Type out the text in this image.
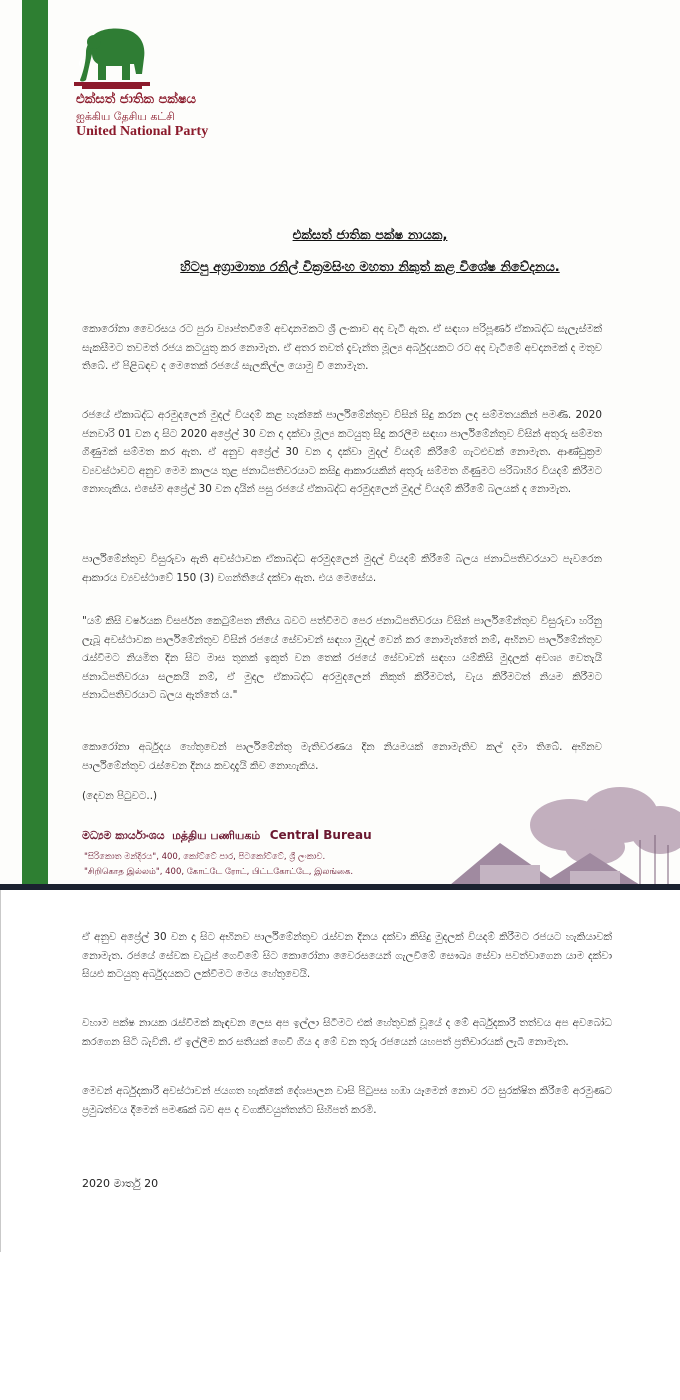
එක්සත් ජාතික පක්ෂය
ஐக்கிய தேசிய கட்சி
United National Party
එක්සත් ජාතික පක්ෂ නායක,
හිටපු අග්‍රාමාත්‍ය රනිල් වික්‍රමසිංහ මහතා නිකුත් කළ විශේෂ නිවේදනය.

කොරෝනා වෛරසය රට පුරා ව්‍යාප්තවීමේ අවදානමකට ශ්‍රී ලංකාව අද වැටී ඇත. ඒ සඳහා පරිපූර්ණ ඒකාබද්ධ සැලැස්මක් සැකසීමට තවමත් රජය කටයුතු කර නොමැත. ඒ අතර තවත් දැවැන්ත මූල්‍ය අර්බුදයකට රට අද වැටීමේ අවදානමක් ද මතුව තිබේ. ඒ පිළිබඳව ද මෙතෙක් රජයේ සැලකිල්ල යොමු වී නොමැත.

රජයේ ඒකාබද්ධ අරමුදලෙන් මුදල් වියදම් කළ හැක්කේ පාර්ලිමේන්තුව විසින් සිදු කරන ලද සම්මතයකින් පමණි. 2020 ජනවාරි 01 වන දා සිට 2020 අප්‍රේල් 30 වන දා දක්වා මූල්‍ය කටයුතු සිදු කරලීම සඳහා පාර්ලිමේන්තුව විසින් අතුරු සම්මත ගිණුමක් සම්මත කර ඇත. ඒ අනුව අප්‍රේල් 30 වන දා දක්වා මුදල් වියදම් කිරීමේ ගැටළුවක් නොමැත. ආණ්ඩුක්‍රම ව්‍යවස්ථාවට අනුව මෙම කාලය තුළ ජනාධිපතිවරයාට කසිදු ආකාරයකින් අතුරු සම්මත ගිණුමට පරිබාහිර වියදම් කිරීමට නොහැකිය. එසේම අප්‍රේල් 30 වන දායින් පසු රජයේ ඒකාබද්ධ අරමුදලෙන් මුදල් වියදම් කිරීමේ බලයක් ද නොමැත.

පාර්ලිමේන්තුව විසුරුවා ඇති අවස්ථාවක ඒකාබද්ධ අරමුදලෙන් මුදල් වියදම් කිරීමේ බලය ජනාධිපතිවරයාට පැවරෙන ආකාරය ව්‍යවස්ථාවේ 150 (3) වගන්තියේ දක්වා ඇත. එය මෙසේය.

"යම් කිසි වර්ෂයක විසර්ජන කෙටුම්පත නීතිය බවට පත්වීමට පෙර ජනාධිපතිවරයා විසින් පාර්ලිමේන්තුව විසුරුවා හරිනු ලැබූ අවස්ථාවක පාර්ලිමේන්තුව විසින් රජයේ සේවාවන් සඳහා මුදල් වෙන් කර නොමැත්තේ නම්, අභිනව පාර්ලිමේන්තුව රැස්වීමට නියමිත දින සිට මාස තුනක් ඉකුත් වන තෙක් රජයේ සේවාවන් සඳහා යම්කිසි මුදලක් අවශ්‍ය වෙතැයි ජනාධිපතිවරයා සලකයි නම්, ඒ මුදල ඒකාබද්ධ අරමුදලෙන් නිකුත් කිරීමටත්, වැය කිරීමටත් නියම කිරීමට ජනාධිපතිවරයාට බලය ඇත්තේ ය."

කොරෝනා අර්බුදය හේතුවෙන් පාර්ලිමේන්තු මැතිවරණය දින නියමයක් නොමැතිව කල් දමා තිබේ. අභිනව පාර්ලිමේන්තුව රැස්වෙන දිනය කවදාදැයි කිව නොහැකිය.

(දෙවන පිටුවට..)

මධ්‍යම කාර්යාංශය மத்திய பணியகம் Central Bureau
"සිරිකොත මන්දිරය", 400, කෝට්ටේ පාර, පිටකෝට්ටේ, ශ්‍රී ලංකාව.
"சிறிகொத இல்லம்", 400, கோட்டே ரோட், பிட்டகோட்டே, இலங்கை.

ඒ අනුව අප්‍රේල් 30 වන දා සිට අභිනව පාර්ලිමේන්තුව රැස්වන දිනය දක්වා කිසිදු මුදලක් වියදම් කිරීමට රජයට හැකියාවක් නොමැත. රජයේ සේවක වැටුප් ගෙවීමේ සිට කොරෝනා වෛරසයෙන් ගැලවීමේ සෞඛ්‍ය සේවා පවත්වාගෙන යාම දක්වා සියළු කටයුතු අර්බුදයකට ලක්වීමට මෙය හේතුවෙයි.

වහාම පක්ෂ නායක රැස්වීමක් කැඳවන ලෙස අප ඉල්ලා සිටීමට එක් හේතුවක් වූයේ ද මේ අර්බුදකාරී තත්වය අප අවබෝධ කරගෙන සිටි බැවිනි. ඒ ඉල්ලීම කර සතියක් ගෙවී ගිය ද මේ වන තුරු රජයෙන් යහපත් ප්‍රතිචාරයක් ලැබී නොමැත.

මෙවන් අර්බුදකාරී අවස්ථාවන් ජයගත හැක්කේ දේශපාලන වාසි පිටුපස හඹා යෑමෙන් නොව රට සුරක්ෂිත කිරීමේ අරමුණට ප්‍රමුඛත්වය දීමෙන් පමණක් බව අප ද වගකීවයුත්තන්ට සිහිපත් කරමි.

2020 මාර්තු 20
